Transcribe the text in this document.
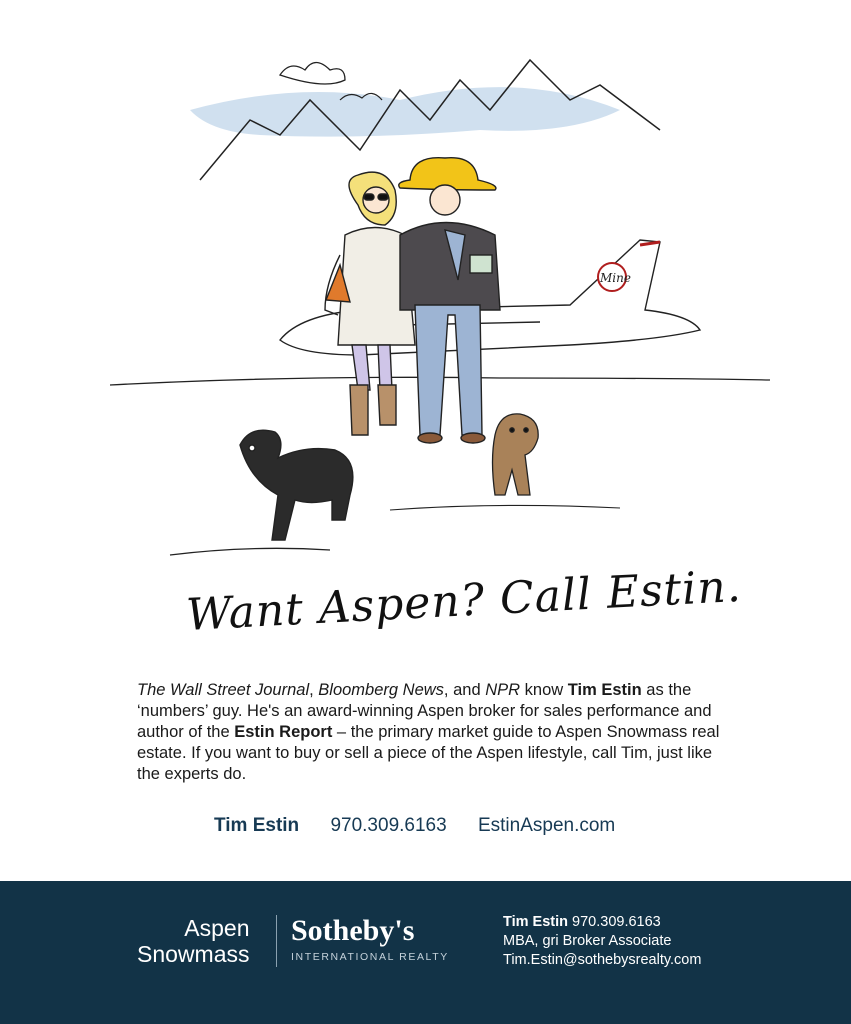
Mine
Want Aspen? Call Estin.
The Wall Street Journal, Bloomberg News, and NPR know Tim Estin as the ‘numbers’ guy. He's an award-winning Aspen broker for sales performance and author of the Estin Report – the primary market guide to Aspen Snowmass real estate. If you want to buy or sell a piece of the Aspen lifestyle, call Tim, just like the experts do.
Tim Estin 970.309.6163 EstinAspen.com
Aspen
Snowmass
Sotheby's
INTERNATIONAL REALTY
Tim Estin 970.309.6163
MBA, gri Broker Associate
Tim.Estin@sothebysrealty.com
